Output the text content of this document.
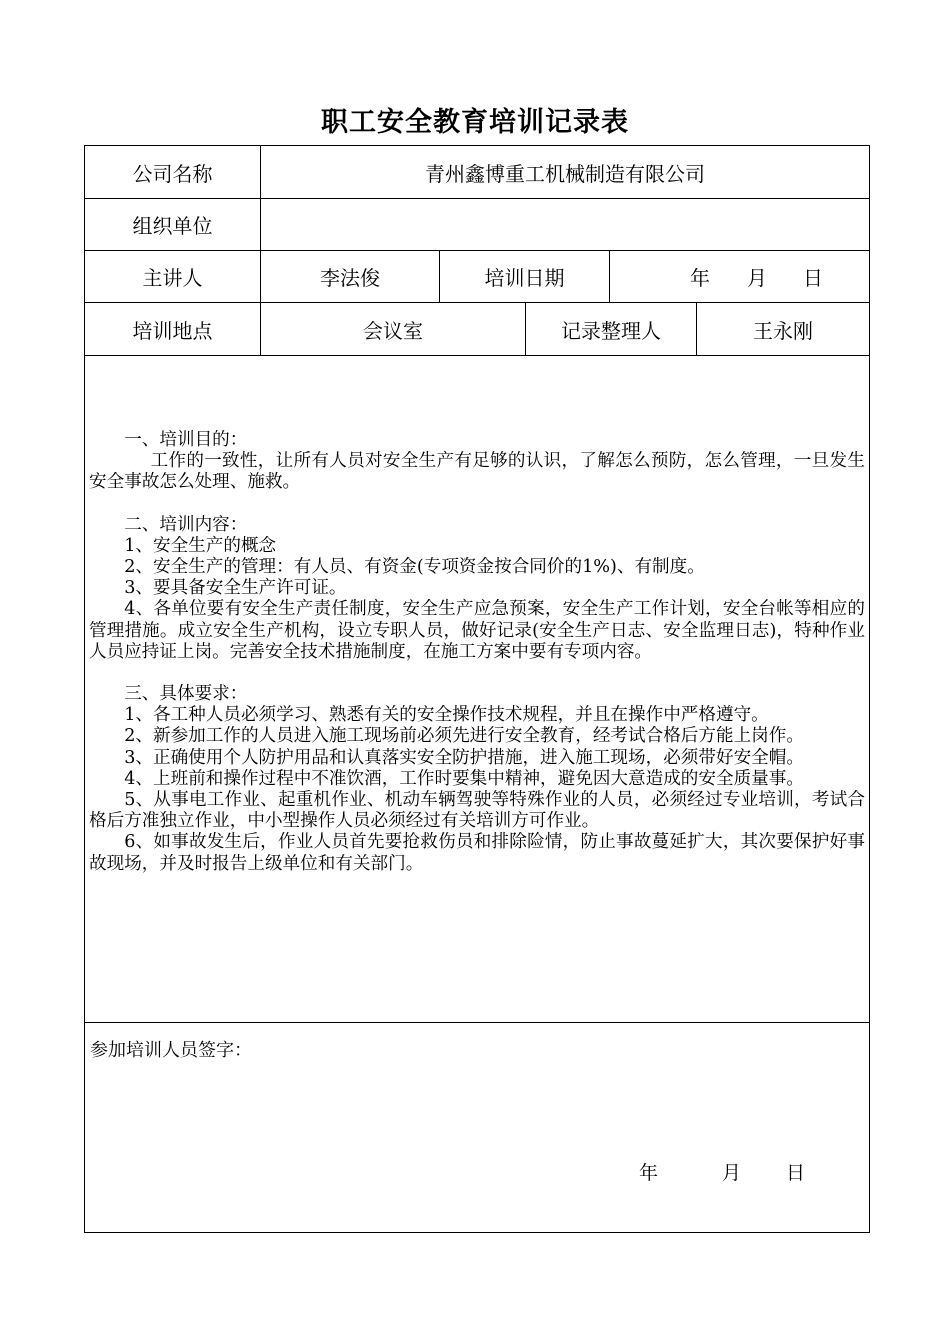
职工安全教育培训记录表
公司名称	青州鑫博重工机械制造有限公司
组织单位
主讲人	李法俊	培训日期	年 月 日
培训地点	会议室	记录整理人	王永刚

一、培训目的：

工作的一致性，让所有人员对安全生产有足够的认识，了解怎么预防，怎么管理，一旦发生安全事故怎么处理、施救。

二、培训内容：

1、安全生产的概念

2、安全生产的管理：有人员、有资金(专项资金按合同价的1%)、有制度。

3、要具备安全生产许可证。

4、各单位要有安全生产责任制度，安全生产应急预案，安全生产工作计划，安全台帐等相应的管理措施。成立安全生产机构，设立专职人员，做好记录(安全生产日志、安全监理日志)，特种作业人员应持证上岗。完善安全技术措施制度，在施工方案中要有专项内容。

三、具体要求：

1、各工种人员必须学习、熟悉有关的安全操作技术规程，并且在操作中严格遵守。

2、新参加工作的人员进入施工现场前必须先进行安全教育，经考试合格后方能上岗作。

3、正确使用个人防护用品和认真落实安全防护措施，进入施工现场，必须带好安全帽。

4、上班前和操作过程中不准饮酒，工作时要集中精神，避免因大意造成的安全质量事。

5、从事电工作业、起重机作业、机动车辆驾驶等特殊作业的人员，必须经过专业培训，考试合格后方准独立作业，中小型操作人员必须经过有关培训方可作业。

6、如事故发生后，作业人员首先要抢救伤员和排除险情，防止事故蔓延扩大，其次要保护好事故现场，并及时报告上级单位和有关部门。

参加培训人员签字：
年	月 日
